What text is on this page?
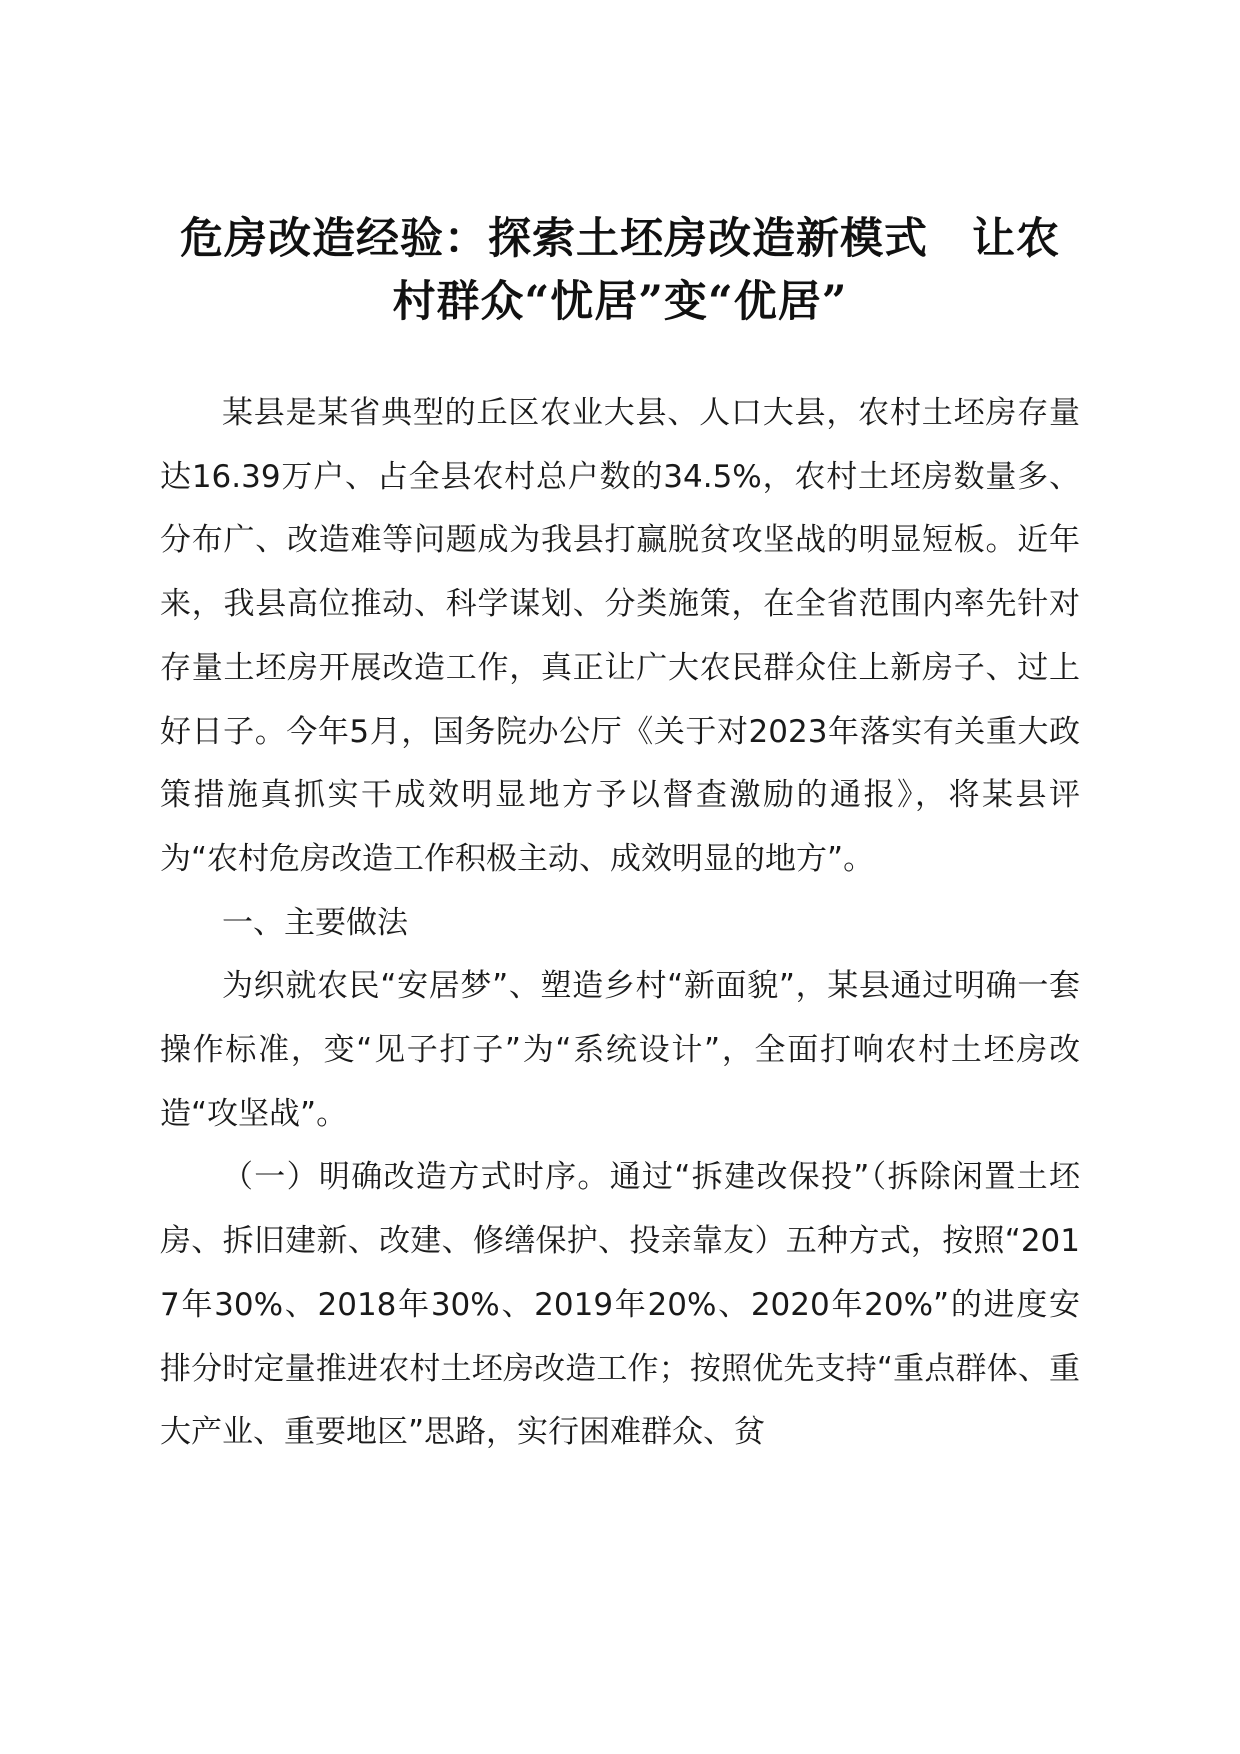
危房改造经验：探索土坯房改造新模式　让农
村群众“忧居”变“优居”

某县是某省典型的丘区农业大县、人口大县，农村土坯房存量达16.39万户、占全县农村总户数的34.5%，农村土坯房数量多、分布广、改造难等问题成为我县打赢脱贫攻坚战的明显短板。近年来，我县高位推动、科学谋划、分类施策，在全省范围内率先针对存量土坯房开展改造工作，真正让广大农民群众住上新房子、过上好日子。今年5月，国务院办公厅《关于对2023年落实有关重大政策措施真抓实干成效明显地方予以督查激励的通报》，将某县评为“农村危房改造工作积极主动、成效明显的地方”。

一、主要做法

为织就农民“安居梦”、塑造乡村“新面貌”，某县通过明确一套操作标准，变“见子打子”为“系统设计”，全面打响农村土坯房改造“攻坚战”。

（一）明确改造方式时序。通过“拆建改保投”（拆除闲置土坯房、拆旧建新、改建、修缮保护、投亲靠友）五种方式，按照“2017年30%、2018年30%、2019年20%、2020年20%”的进度安排分时定量推进农村土坯房改造工作；按照优先支持“重点群体、重大产业、重要地区”思路，实行困难群众、贫
